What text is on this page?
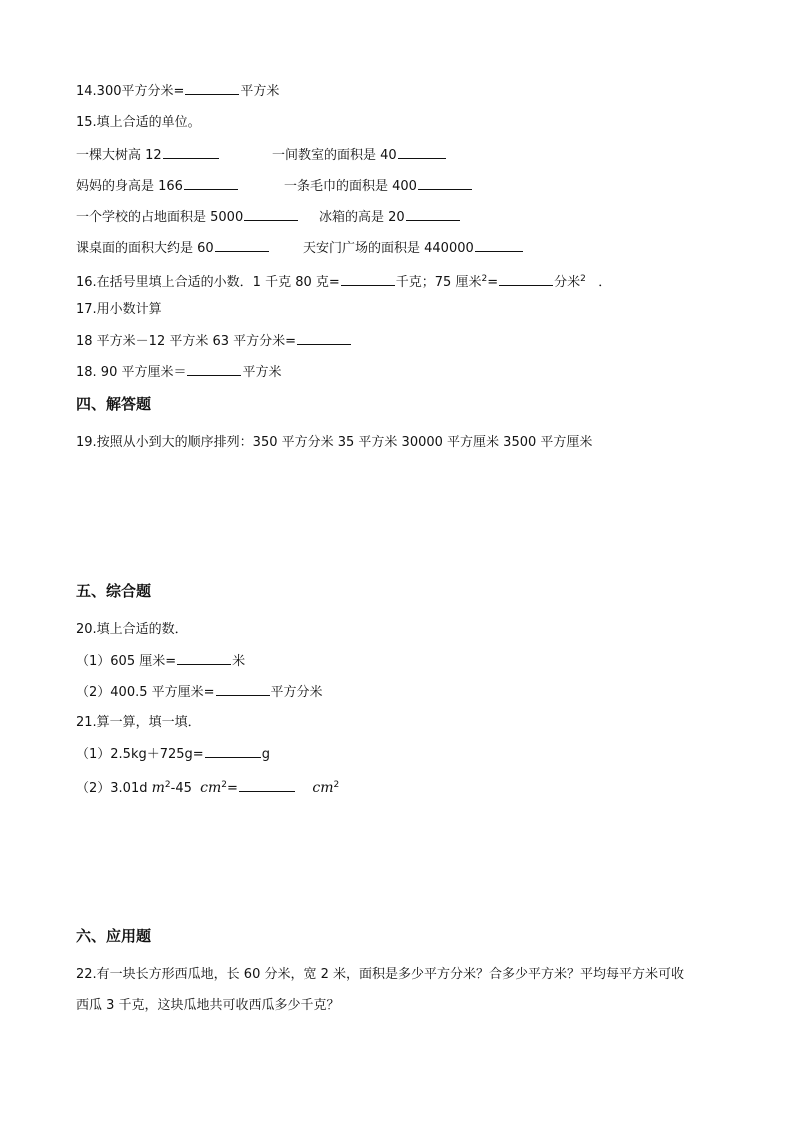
14.300平方分米=	平方米
15.填上合适的单位。
一棵大树高 12	一间教室的面积是 40
妈妈的身高是 166	一条毛巾的面积是 400
一个学校的占地面积是 5000	冰箱的高是 20
课桌面的面积大约是 60	天安门广场的面积是 440000
16.在括号里填上合适的小数．1 千克 80 克=	千克；75 厘米$^2$=	分米$^2$ ．
17.用小数计算
18 平方米－12 平方米 63 平方分米=
18. 90 平方厘米＝	平方米
四、解答题
19.按照从小到大的顺序排列：350 平方分米 35 平方米 30000 平方厘米 3500 平方厘米
五、综合题
20.填上合适的数．
（1）605 厘米=	米
（2）400.5 平方厘米=	平方分米
21.算一算，填一填．
（1）2.5kg＋725g=	g
（2）3.01d $m^2-45$ $cm^2=$	$cm^2$
六、应用题
22.有一块长方形西瓜地，长 60 分米，宽 2 米，面积是多少平方分米？合多少平方米？平均每平方米可收
西瓜 3 千克，这块瓜地共可收西瓜多少千克？
